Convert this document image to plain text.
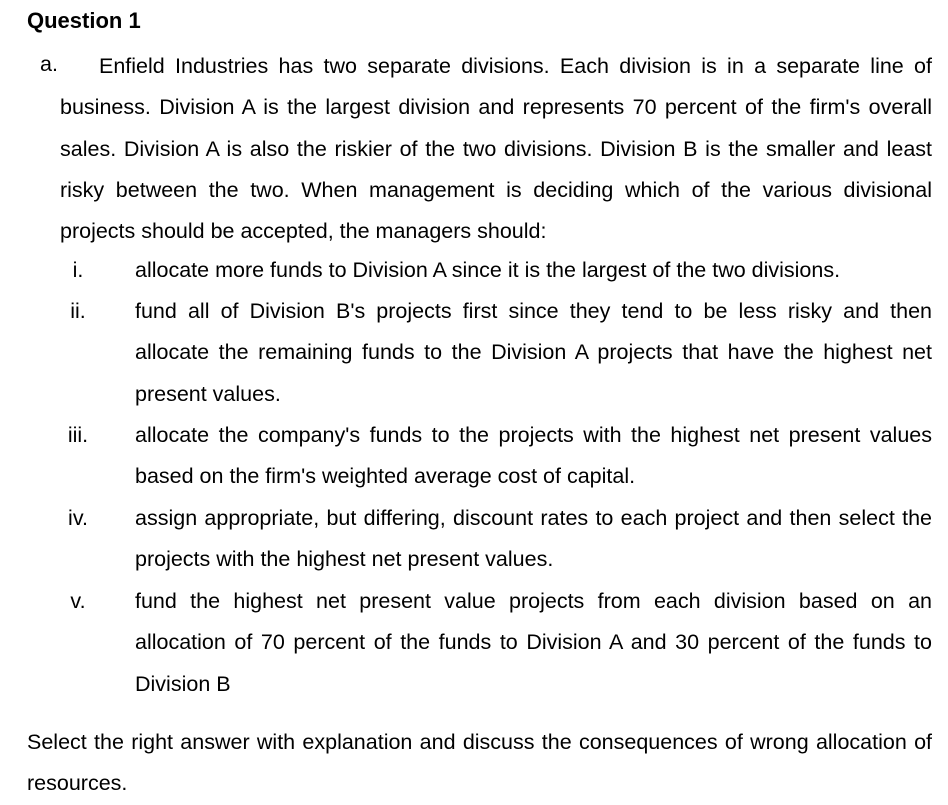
Question 1
a.	Enfield Industries has two separate divisions. Each division is in a separate line of business. Division A is the largest division and represents 70 percent of the firm's overall sales. Division A is also the riskier of the two divisions. Division B is the smaller and least risky between the two. When management is deciding which of the various divisional projects should be accepted, the managers should:

i.	allocate more funds to Division A since it is the largest of the two divisions.

ii.	fund all of Division B's projects first since they tend to be less risky and then allocate the remaining funds to the Division A projects that have the highest net present values.

iii.	allocate the company's funds to the projects with the highest net present values based on the firm's weighted average cost of capital.

iv.	assign appropriate, but differing, discount rates to each project and then select the projects with the highest net present values.

v.	fund the highest net present value projects from each division based on an allocation of 70 percent of the funds to Division A and 30 percent of the funds to Division B

Select the right answer with explanation and discuss the consequences of wrong allocation of resources.
